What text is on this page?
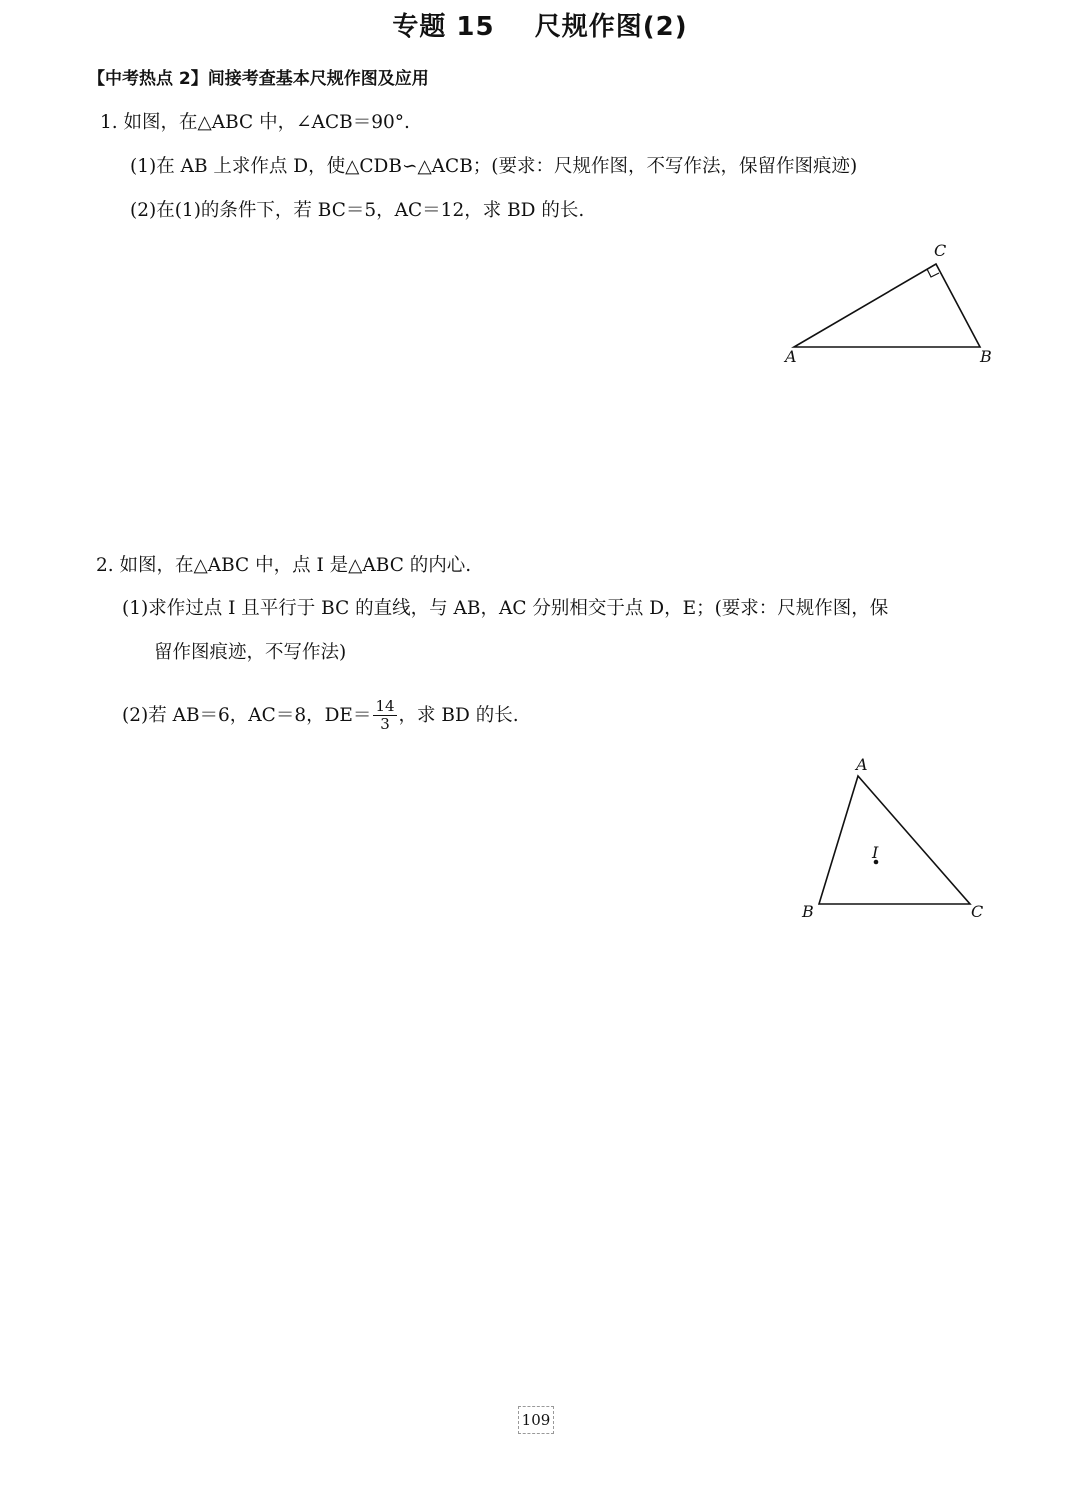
专题 15    尺规作图(2)
【中考热点 2】间接考查基本尺规作图及应用
1. 如图，在△ABC 中，∠ACB＝90°.
(1)在 AB 上求作点 D，使△CDB∽△ACB；(要求：尺规作图，不写作法，保留作图痕迹)
(2)在(1)的条件下，若 BC＝5，AC＝12，求 BD 的长.
A	B
C
2. 如图，在△ABC 中，点 I 是△ABC 的内心.
(1)求作过点 I 且平行于 BC 的直线，与 AB，AC 分别相交于点 D，E；(要求：尺规作图，保
留作图痕迹，不写作法)
(2)若 AB＝6，AC＝8，$DE= \frac{14}{3}$ ，求 BD 的长.
A
B	C
I
109
